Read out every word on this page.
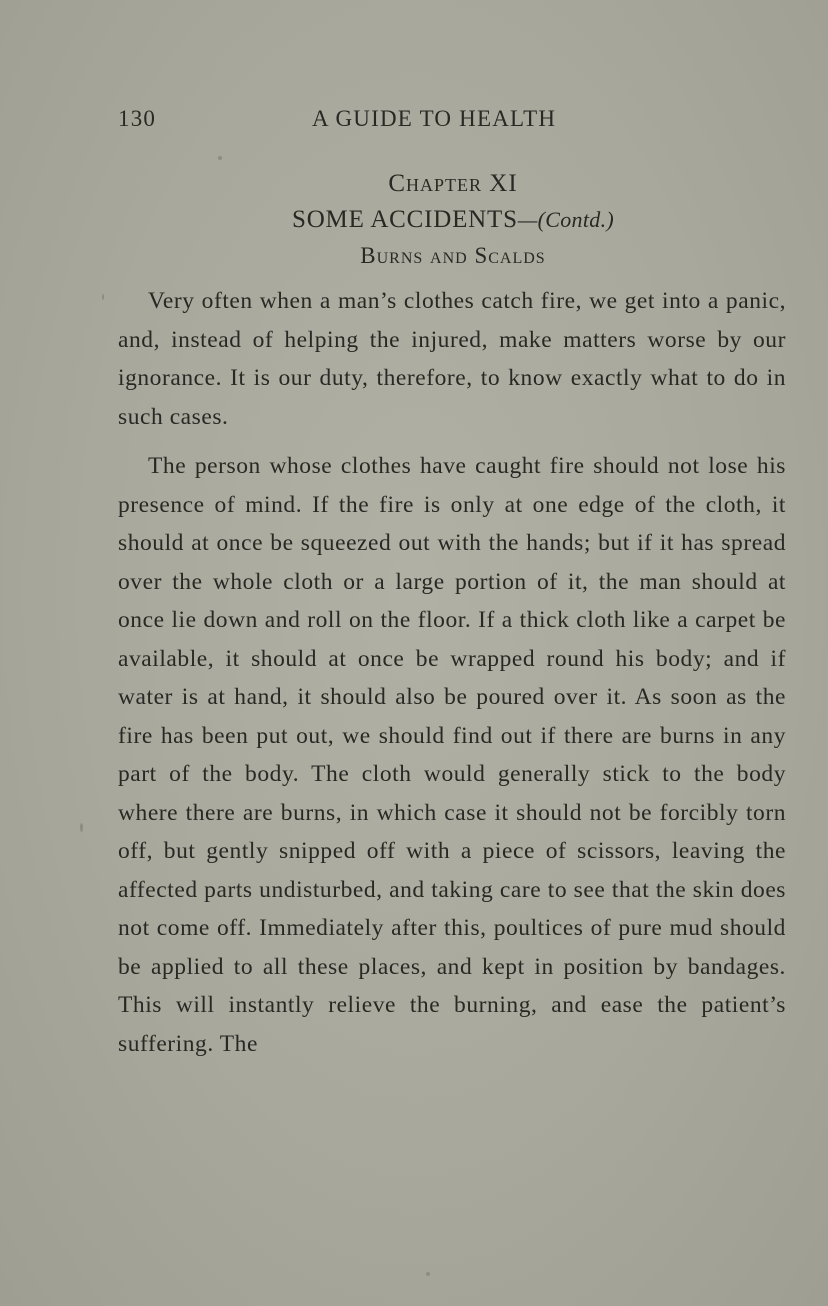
130	A GUIDE TO HEALTH
Chapter XI
SOME ACCIDENTS—(Contd.)
Burns and Scalds

Very often when a man’s clothes catch fire, we get into a panic, and, instead of helping the injured, make matters worse by our ignorance. It is our duty, therefore, to know exactly what to do in such cases.

The person whose clothes have caught fire should not lose his presence of mind. If the fire is only at one edge of the cloth, it should at once be squeezed out with the hands; but if it has spread over the whole cloth or a large portion of it, the man should at once lie down and roll on the floor. If a thick cloth like a carpet be available, it should at once be wrapped round his body; and if water is at hand, it should also be poured over it. As soon as the fire has been put out, we should find out if there are burns in any part of the body. The cloth would generally stick to the body where there are burns, in which case it should not be forcibly torn off, but gently snipped off with a piece of scissors, leaving the affected parts undisturbed, and taking care to see that the skin does not come off. Immediately after this, poultices of pure mud should be applied to all these places, and kept in position by bandages. This will instantly relieve the burning, and ease the patient’s suffering. The
